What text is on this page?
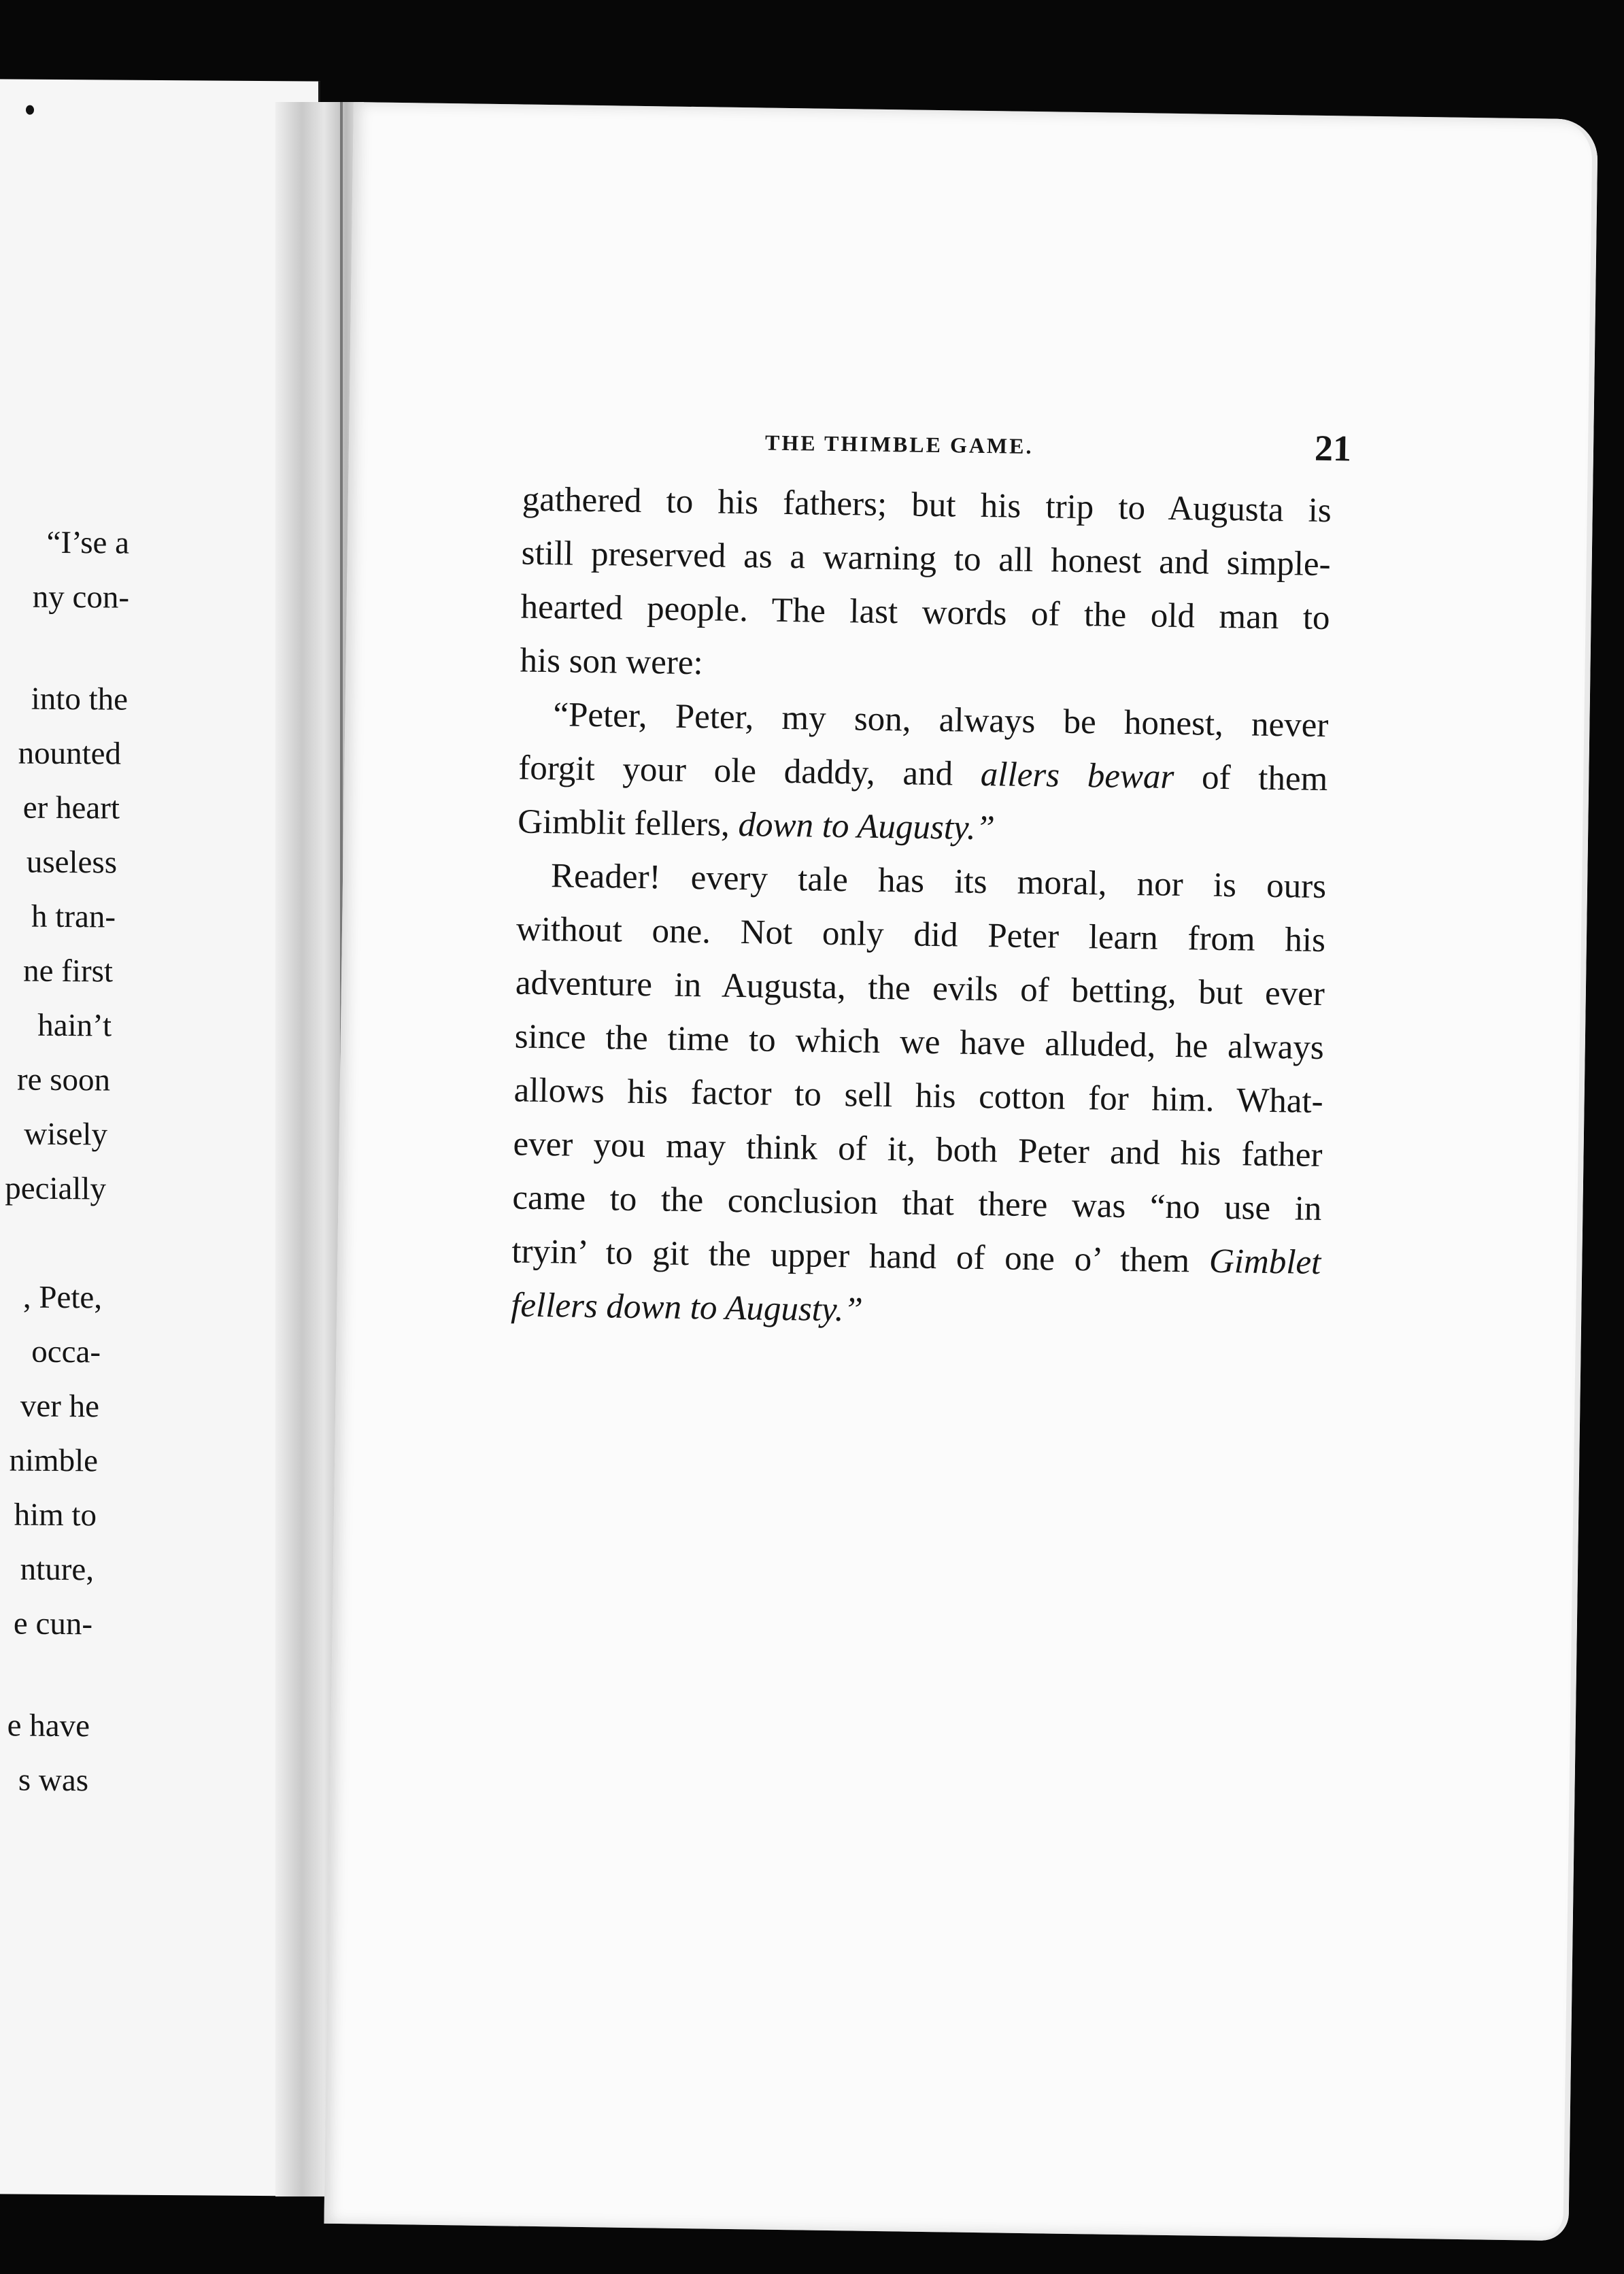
“I’se a
ny con-
into the
nounted
er heart
useless
h tran-
ne first
hain’t
re soon
wisely
pecially
, Pete,
occa-
ver he
nimble
him to
nture,
e cun-
e have
s was
THE THIMBLE GAME.	21
gathered to his fathers; but his trip to Augusta is
still preserved as a warning to all honest and simple-
hearted people. The last words of the old man to
his son were:
“Peter, Peter, my son, always be honest, never
forgit your ole daddy, and allers bewar of them
Gimblit fellers, down to Augusty.”
Reader! every tale has its moral, nor is ours
without one. Not only did Peter learn from his
adventure in Augusta, the evils of betting, but ever
since the time to which we have alluded, he always
allows his factor to sell his cotton for him. What-
ever you may think of it, both Peter and his father
came to the conclusion that there was “no use in
tryin’ to git the upper hand of one o’ them Gimblet
fellers down to Augusty.”
